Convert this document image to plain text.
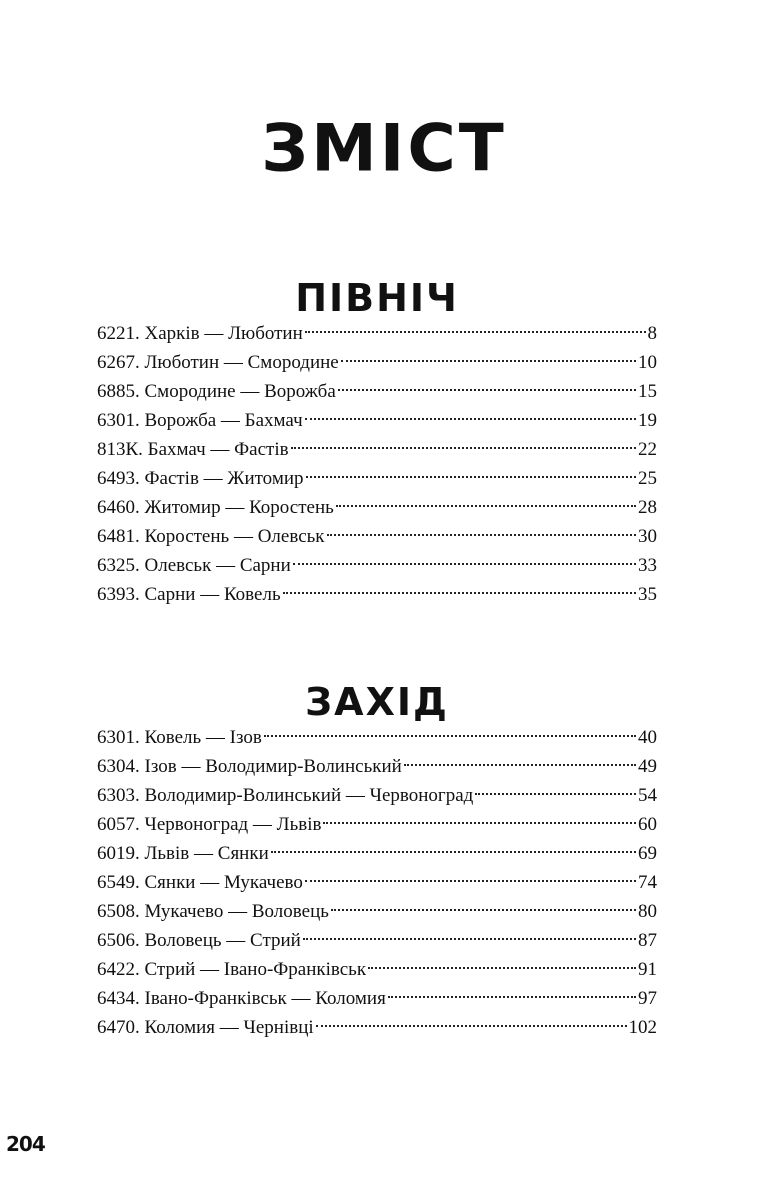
ЗМІСТ
ПІВНІЧ
6221. Харків — Люботин	8
6267. Люботин — Смородине	10
6885. Смородине — Ворожба	15
6301. Ворожба — Бахмач	19
813К. Бахмач — Фастів	22
6493. Фастів — Житомир	25
6460. Житомир — Коростень	28
6481. Коростень — Олевськ	30
6325. Олевськ — Сарни	33
6393. Сарни — Ковель	35
ЗАХІД
6301. Ковель — Ізов	40
6304. Ізов — Володимир-Волинський	49
6303. Володимир-Волинський — Червоноград	54
6057. Червоноград — Львів	60
6019. Львів — Сянки	69
6549. Сянки — Мукачево	74
6508. Мукачево — Воловець	80
6506. Воловець — Стрий	87
6422. Стрий — Івано-Франківськ	91
6434. Івано-Франківськ — Коломия	97
6470. Коломия — Чернівці	102
204
